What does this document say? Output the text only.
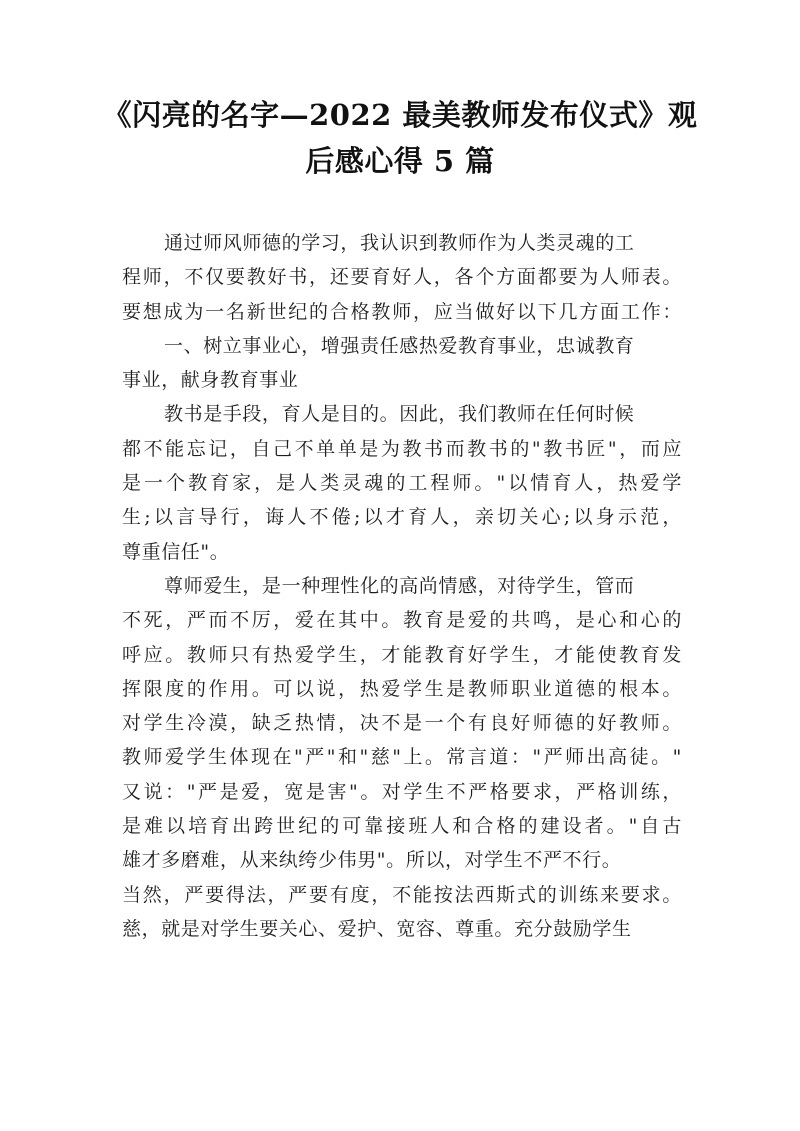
《闪亮的名字—2022 最美教师发布仪式》观
后感心得 5 篇
通过师风师德的学习，我认识到教师作为人类灵魂的工
程师，不仅要教好书，还要育好人，各个方面都要为人师表。
要想成为一名新世纪的合格教师，应当做好以下几方面工作：
一、树立事业心，增强责任感热爱教育事业，忠诚教育
事业，献身教育事业
教书是手段，育人是目的。因此，我们教师在任何时候
都不能忘记，自己不单单是为教书而教书的"教书匠"，而应
是一个教育家，是人类灵魂的工程师。"以情育人，热爱学
生;以言导行，诲人不倦;以才育人，亲切关心;以身示范，
尊重信任"。
尊师爱生，是一种理性化的高尚情感，对待学生，管而
不死，严而不厉，爱在其中。教育是爱的共鸣，是心和心的
呼应。教师只有热爱学生，才能教育好学生，才能使教育发
挥限度的作用。可以说，热爱学生是教师职业道德的根本。
对学生冷漠，缺乏热情，决不是一个有良好师德的好教师。
教师爱学生体现在"严"和"慈"上。常言道："严师出高徒。"
又说："严是爱，宽是害"。对学生不严格要求，严格训练，
是难以培育出跨世纪的可靠接班人和合格的建设者。"自古
雄才多磨难，从来纨绔少伟男"。所以，对学生不严不行。
当然，严要得法，严要有度，不能按法西斯式的训练来要求。
慈，就是对学生要关心、爱护、宽容、尊重。充分鼓励学生
